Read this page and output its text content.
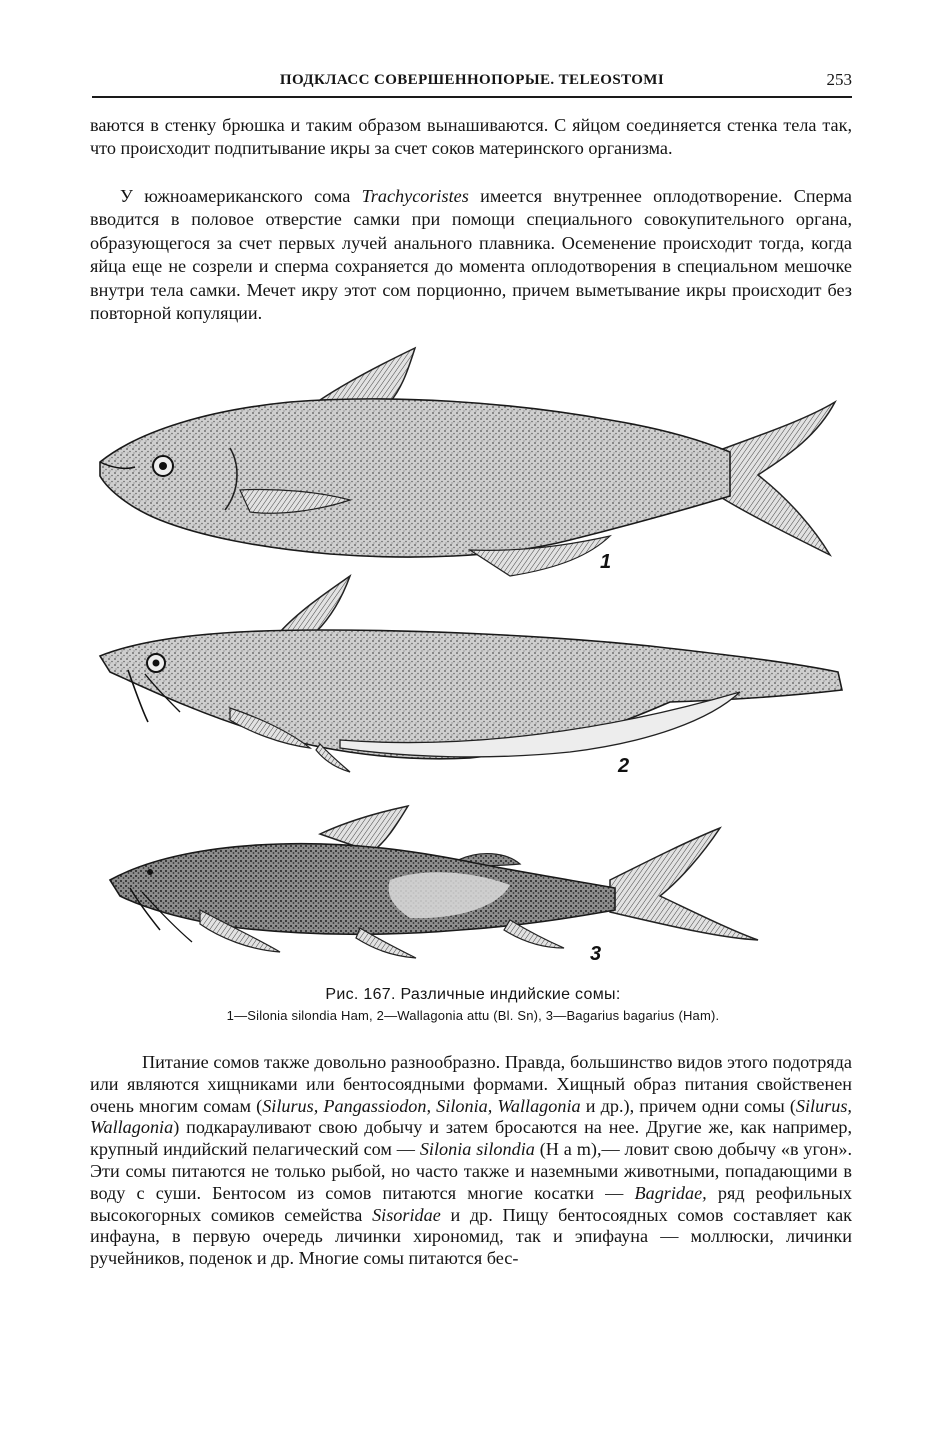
ПОДКЛАСС СОВЕРШЕННОПОРЫЕ. TELEOSTOMI	253

ваются в стенку брюшка и таким образом вынашиваются. С яйцом соединяется стенка тела так, что происходит подпитывание икры за счет соков материнского организма.

У южноамериканского сома Trachycoristes имеется внутреннее оплодотворение. Сперма вводится в половое отверстие самки при помощи специального совокупительного органа, образующегося за счет первых лучей анального плавника. Осеменение происходит тогда, когда яйца еще не созрели и сперма сохраняется до момента оплодотворения в специальном мешочке внутри тела самки. Мечет икру этот сом порционно, причем выметывание икры происходит без повторной копуляции.

1
2
3
Рис. 167. Различные индийские сомы:
1—Silonia silondia Ham, 2—Wallagonia attu (Bl. Sn), 3—Bagarius bagarius (Ham).

Питание сомов также довольно разнообразно. Правда, большинство видов этого подотряда или являются хищниками или бентосоядными формами. Хищный образ питания свойственен очень многим сомам (Silurus, Pangassiodon, Silonia, Wallagonia и др.), причем одни сомы (Silurus, Wallagonia) подкарауливают свою добычу и затем бросаются на нее. Другие же, как например, крупный индийский пелагический сом — Silonia silondia (H a m),— ловит свою добычу «в угон». Эти сомы питаются не только рыбой, но часто также и наземными животными, попадающими в воду с суши. Бентосом из сомов питаются многие косатки — Bagridae, ряд реофильных высокогорных сомиков семейства Sisoridae и др. Пищу бентосоядных сомов составляет как инфауна, в первую очередь личинки хирономид, так и эпифауна — моллюски, личинки ручейников, поденок и др. Многие сомы питаются бес-
